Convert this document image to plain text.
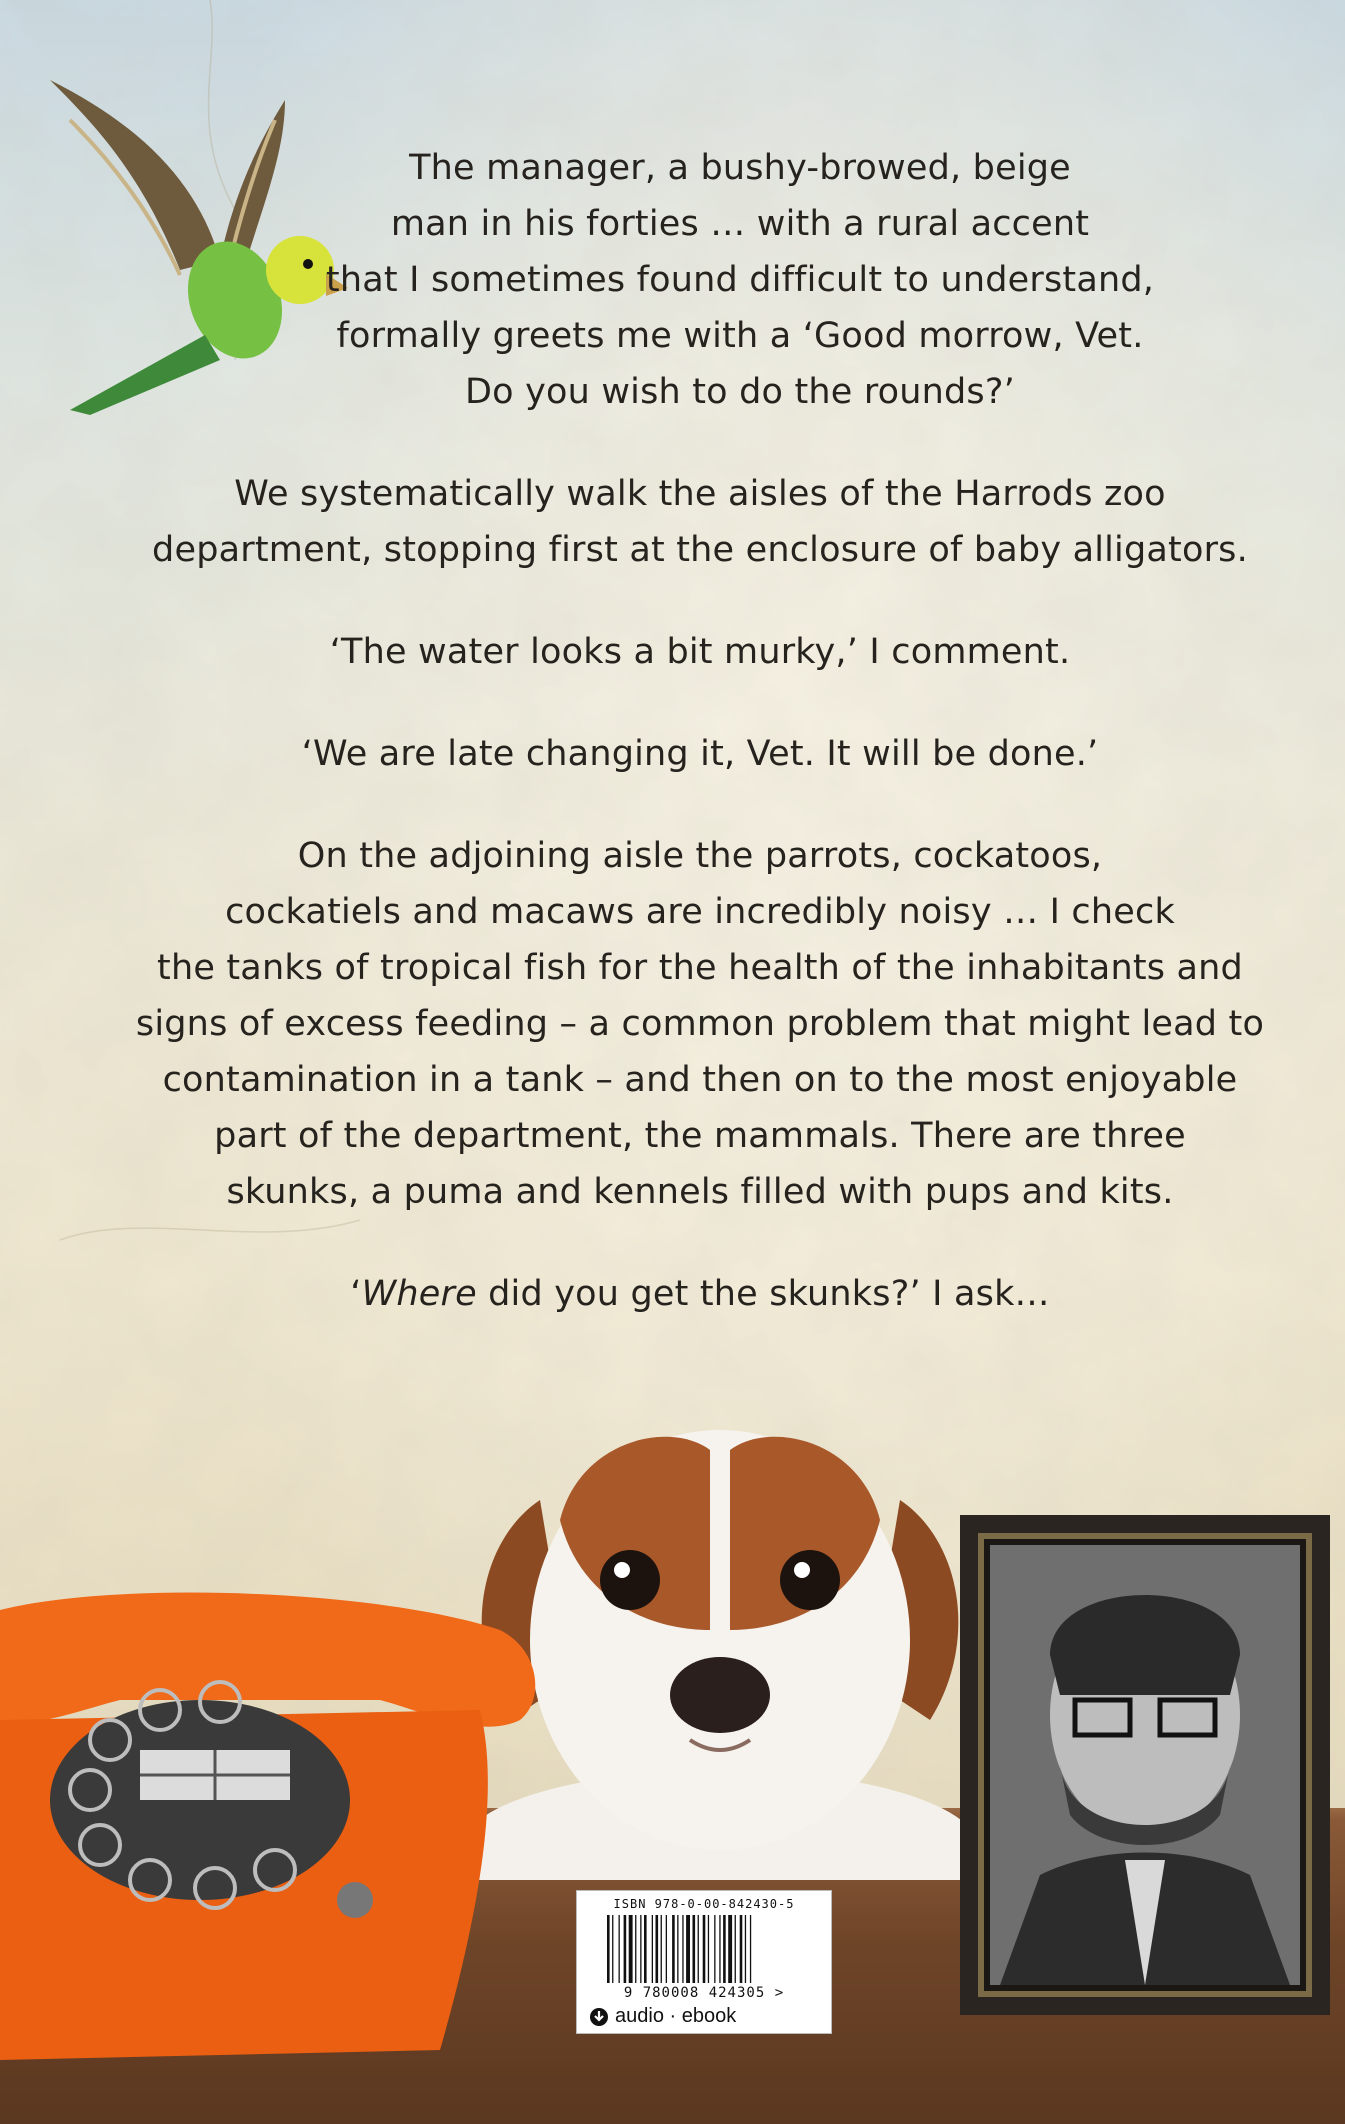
The manager, a bushy-browed, beige
man in his forties … with a rural accent
that I sometimes found difficult to understand,
formally greets me with a ‘Good morrow, Vet.
Do you wish to do the rounds?’

We systematically walk the aisles of the Harrods zoo
department, stopping first at the enclosure of baby alligators.

‘The water looks a bit murky,’ I comment.

‘We are late changing it, Vet. It will be done.’

On the adjoining aisle the parrots, cockatoos,
cockatiels and macaws are incredibly noisy … I check
the tanks of tropical fish for the health of the inhabitants and
signs of excess feeding – a common problem that might lead to
contamination in a tank – and then on to the most enjoyable
part of the department, the mammals. There are three
skunks, a puma and kennels filled with pups and kits.

‘Where did you get the skunks?’ I ask…

ISBN 978-0-00-842430-5
9 780008 424305 >
audio · ebook
